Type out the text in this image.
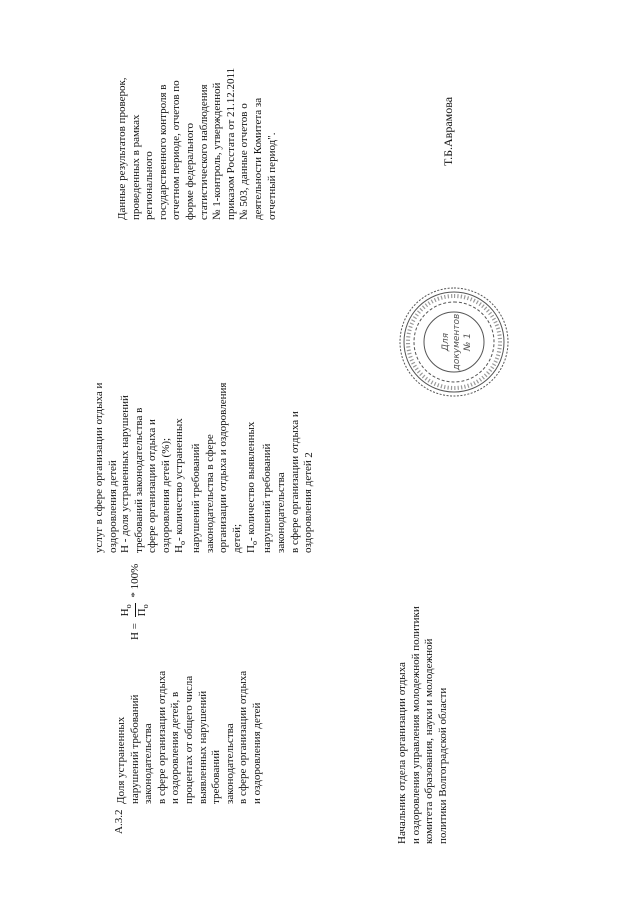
2
А.3.2
Доля устраненных нарушений требований законодательства в сфере организации отдыха и оздоровления детей, в процентах от общего числа выявленных нарушений требований законодательства в сфере организации отдыха и оздоровления детей
Н =
$Н_о$
$П_о$
* 100%
услуг в сфере организации отдыха и оздоровления детей Н - доля устраненных нарушений требований законодательства в сфере организации отдыха и оздоровления детей (%); $Н_о-$ количество устраненных нарушений требований законодательства в сфере организации отдыха и оздоровления детей; $П_о-$ количество выявленных нарушений требований законодательства в сфере организации отдыха и оздоровления детей
Данные результатов проверок, проведенных в рамках регионального государственного контроля в отчетном периоде, отчетов по форме федерального статистического наблюдения № 1-контроль, утвержденной приказом Росстата от 21.12.2011 № 503, данные отчетов о деятельности Комитета за отчетный период".
Начальник отдела организации отдыха и оздоровления управления молодежной политики комитета образования, науки и молодежной политики Волгоградской области
Т.Б.Аврамова
Для документов № 1
